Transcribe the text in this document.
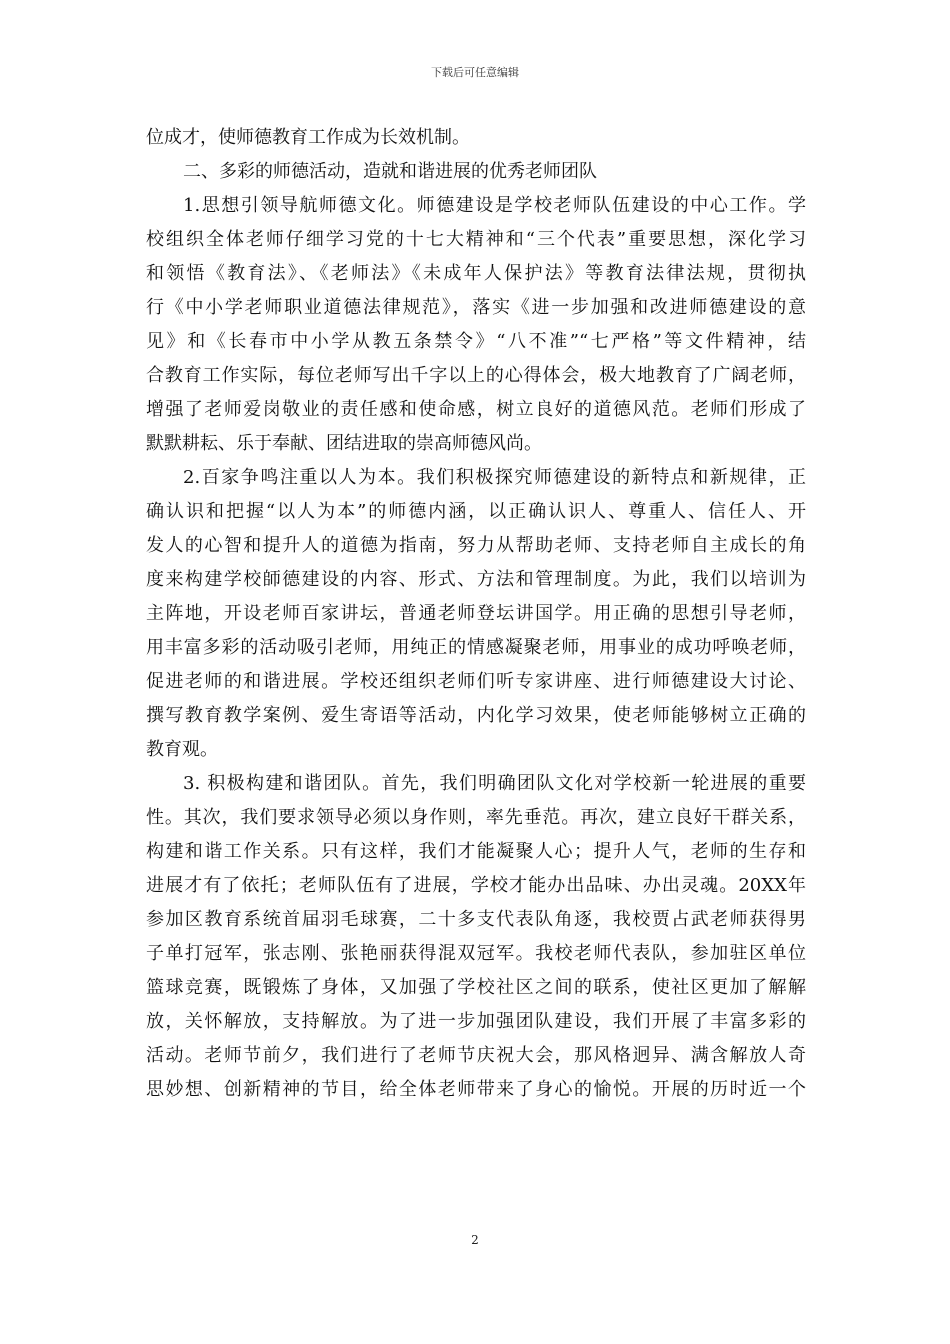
下载后可任意编辑
位成才，使师德教育工作成为长效机制。
二、多彩的师德活动，造就和谐进展的优秀老师团队
1.思想引领导航师德文化。师德建设是学校老师队伍建设的中心工作。学
校组织全体老师仔细学习党的十七大精神和“三个代表”重要思想，深化学习
和领悟《教育法》、《老师法》《未成年人保护法》等教育法律法规，贯彻执
行《中小学老师职业道德法律规范》，落实《进一步加强和改进师德建设的意
见》和《长春市中小学从教五条禁令》“八不准”“七严格”等文件精神，结
合教育工作实际，每位老师写出千字以上的心得体会，极大地教育了广阔老师，
增强了老师爱岗敬业的责任感和使命感，树立良好的道德风范。老师们形成了
默默耕耘、乐于奉献、团结进取的崇高师德风尚。
2.百家争鸣注重以人为本。我们积极探究师德建设的新特点和新规律，正
确认识和把握“以人为本”的师德内涵，以正确认识人、尊重人、信任人、开
发人的心智和提升人的道德为指南，努力从帮助老师、支持老师自主成长的角
度来构建学校師德建设的内容、形式、方法和管理制度。为此，我们以培训为
主阵地，开设老师百家讲坛，普通老师登坛讲国学。用正确的思想引导老师，
用丰富多彩的活动吸引老师，用纯正的情感凝聚老师，用事业的成功呼唤老师，
促进老师的和谐进展。学校还组织老师们听专家讲座、进行师德建设大讨论、
撰写教育教学案例、爱生寄语等活动，内化学习效果，使老师能够树立正确的
教育观。
3. 积极构建和谐团队。首先，我们明确团队文化对学校新一轮进展的重要
性。其次，我们要求领导必须以身作则，率先垂范。再次，建立良好干群关系，
构建和谐工作关系。只有这样，我们才能凝聚人心；提升人气，老师的生存和
进展才有了依托；老师队伍有了进展，学校才能办出品味、办出灵魂。20XX年
参加区教育系统首届羽毛球赛，二十多支代表队角逐，我校贾占武老师获得男
子单打冠军，张志刚、张艳丽获得混双冠军。我校老师代表队，参加驻区单位
篮球竞赛，既锻炼了身体，又加强了学校社区之间的联系，使社区更加了解解
放，关怀解放，支持解放。为了进一步加强团队建设，我们开展了丰富多彩的
活动。老师节前夕，我们进行了老师节庆祝大会，那风格迥异、满含解放人奇
思妙想、创新精神的节目，给全体老师带来了身心的愉悦。开展的历时近一个
2
